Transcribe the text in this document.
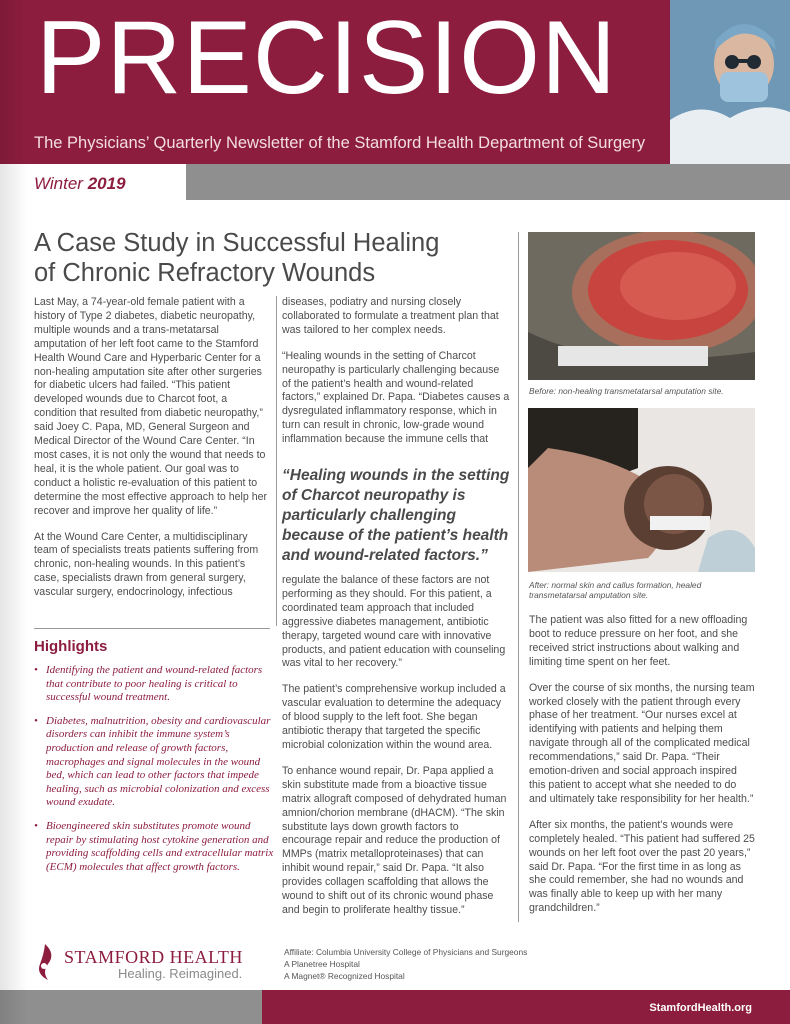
PRECISION
The Physicians’ Quarterly Newsletter of the Stamford Health Department of Surgery
Winter 2019
A Case Study in Successful Healing
of Chronic Refractory Wounds

Last May, a 74-year-old female patient with a history of Type 2 diabetes, diabetic neuropathy, multiple wounds and a trans-metatarsal amputation of her left foot came to the Stamford Health Wound Care and Hyperbaric Center for a non-healing amputation site after other surgeries for diabetic ulcers had failed. “This patient developed wounds due to Charcot foot, a condition that resulted from diabetic neuropathy,” said Joey C. Papa, MD, General Surgeon and Medical Director of the Wound Care Center. “In most cases, it is not only the wound that needs to heal, it is the whole patient. Our goal was to conduct a holistic re-evaluation of this patient to determine the most effective approach to help her recover and improve her quality of life.”

At the Wound Care Center, a multidisciplinary team of specialists treats patients suffering from chronic, non-healing wounds. In this patient’s case, specialists drawn from general surgery, vascular surgery, endocrinology, infectious

Highlights
• Identifying the patient and wound-related factors that contribute to poor healing is critical to successful wound treatment.
• Diabetes, malnutrition, obesity and cardiovascular disorders can inhibit the immune system’s production and release of growth factors, macrophages and signal molecules in the wound bed, which can lead to other factors that impede healing, such as microbial colonization and excess wound exudate.
• Bioengineered skin substitutes promote wound repair by stimulating host cytokine generation and providing scaffolding cells and extracellular matrix (ECM) molecules that affect growth factors.

diseases, podiatry and nursing closely collaborated to formulate a treatment plan that was tailored to her complex needs.

“Healing wounds in the setting of Charcot neuropathy is particularly challenging because of the patient’s health and wound-related factors,” explained Dr. Papa. “Diabetes causes a dysregulated inflammatory response, which in turn can result in chronic, low-grade wound inflammation because the immune cells that

“Healing wounds in the setting of Charcot neuropathy is particularly challenging because of the patient’s health and wound-related factors.”

regulate the balance of these factors are not performing as they should. For this patient, a coordinated team approach that included aggressive diabetes management, antibiotic therapy, targeted wound care with innovative products, and patient education with counseling was vital to her recovery.”

The patient’s comprehensive workup included a vascular evaluation to determine the adequacy of blood supply to the left foot. She began antibiotic therapy that targeted the specific microbial colonization within the wound area.

To enhance wound repair, Dr. Papa applied a skin substitute made from a bioactive tissue matrix allograft composed of dehydrated human amnion/chorion membrane (dHACM). “The skin substitute lays down growth factors to encourage repair and reduce the production of MMPs (matrix metalloproteinases) that can inhibit wound repair,” said Dr. Papa. “It also provides collagen scaffolding that allows the wound to shift out of its chronic wound phase and begin to proliferate healthy tissue.”

Before: non-healing transmetatarsal amputation site.
After: normal skin and callus formation, healed transmetatarsal amputation site.

The patient was also fitted for a new offloading boot to reduce pressure on her foot, and she received strict instructions about walking and limiting time spent on her feet.

Over the course of six months, the nursing team worked closely with the patient through every phase of her treatment. “Our nurses excel at identifying with patients and helping them navigate through all of the complicated medical recommendations,” said Dr. Papa. “Their emotion-driven and social approach inspired this patient to accept what she needed to do and ultimately take responsibility for her health.”

After six months, the patient’s wounds were completely healed. “This patient had suffered 25 wounds on her left foot over the past 20 years,” said Dr. Papa. “For the first time in as long as she could remember, she had no wounds and was finally able to keep up with her many grandchildren.”

STAMFORD HEALTH
Healing. Reimagined.
Affiliate: Columbia University College of Physicians and Surgeons
A Planetree Hospital
A Magnet® Recognized Hospital
StamfordHealth.org
